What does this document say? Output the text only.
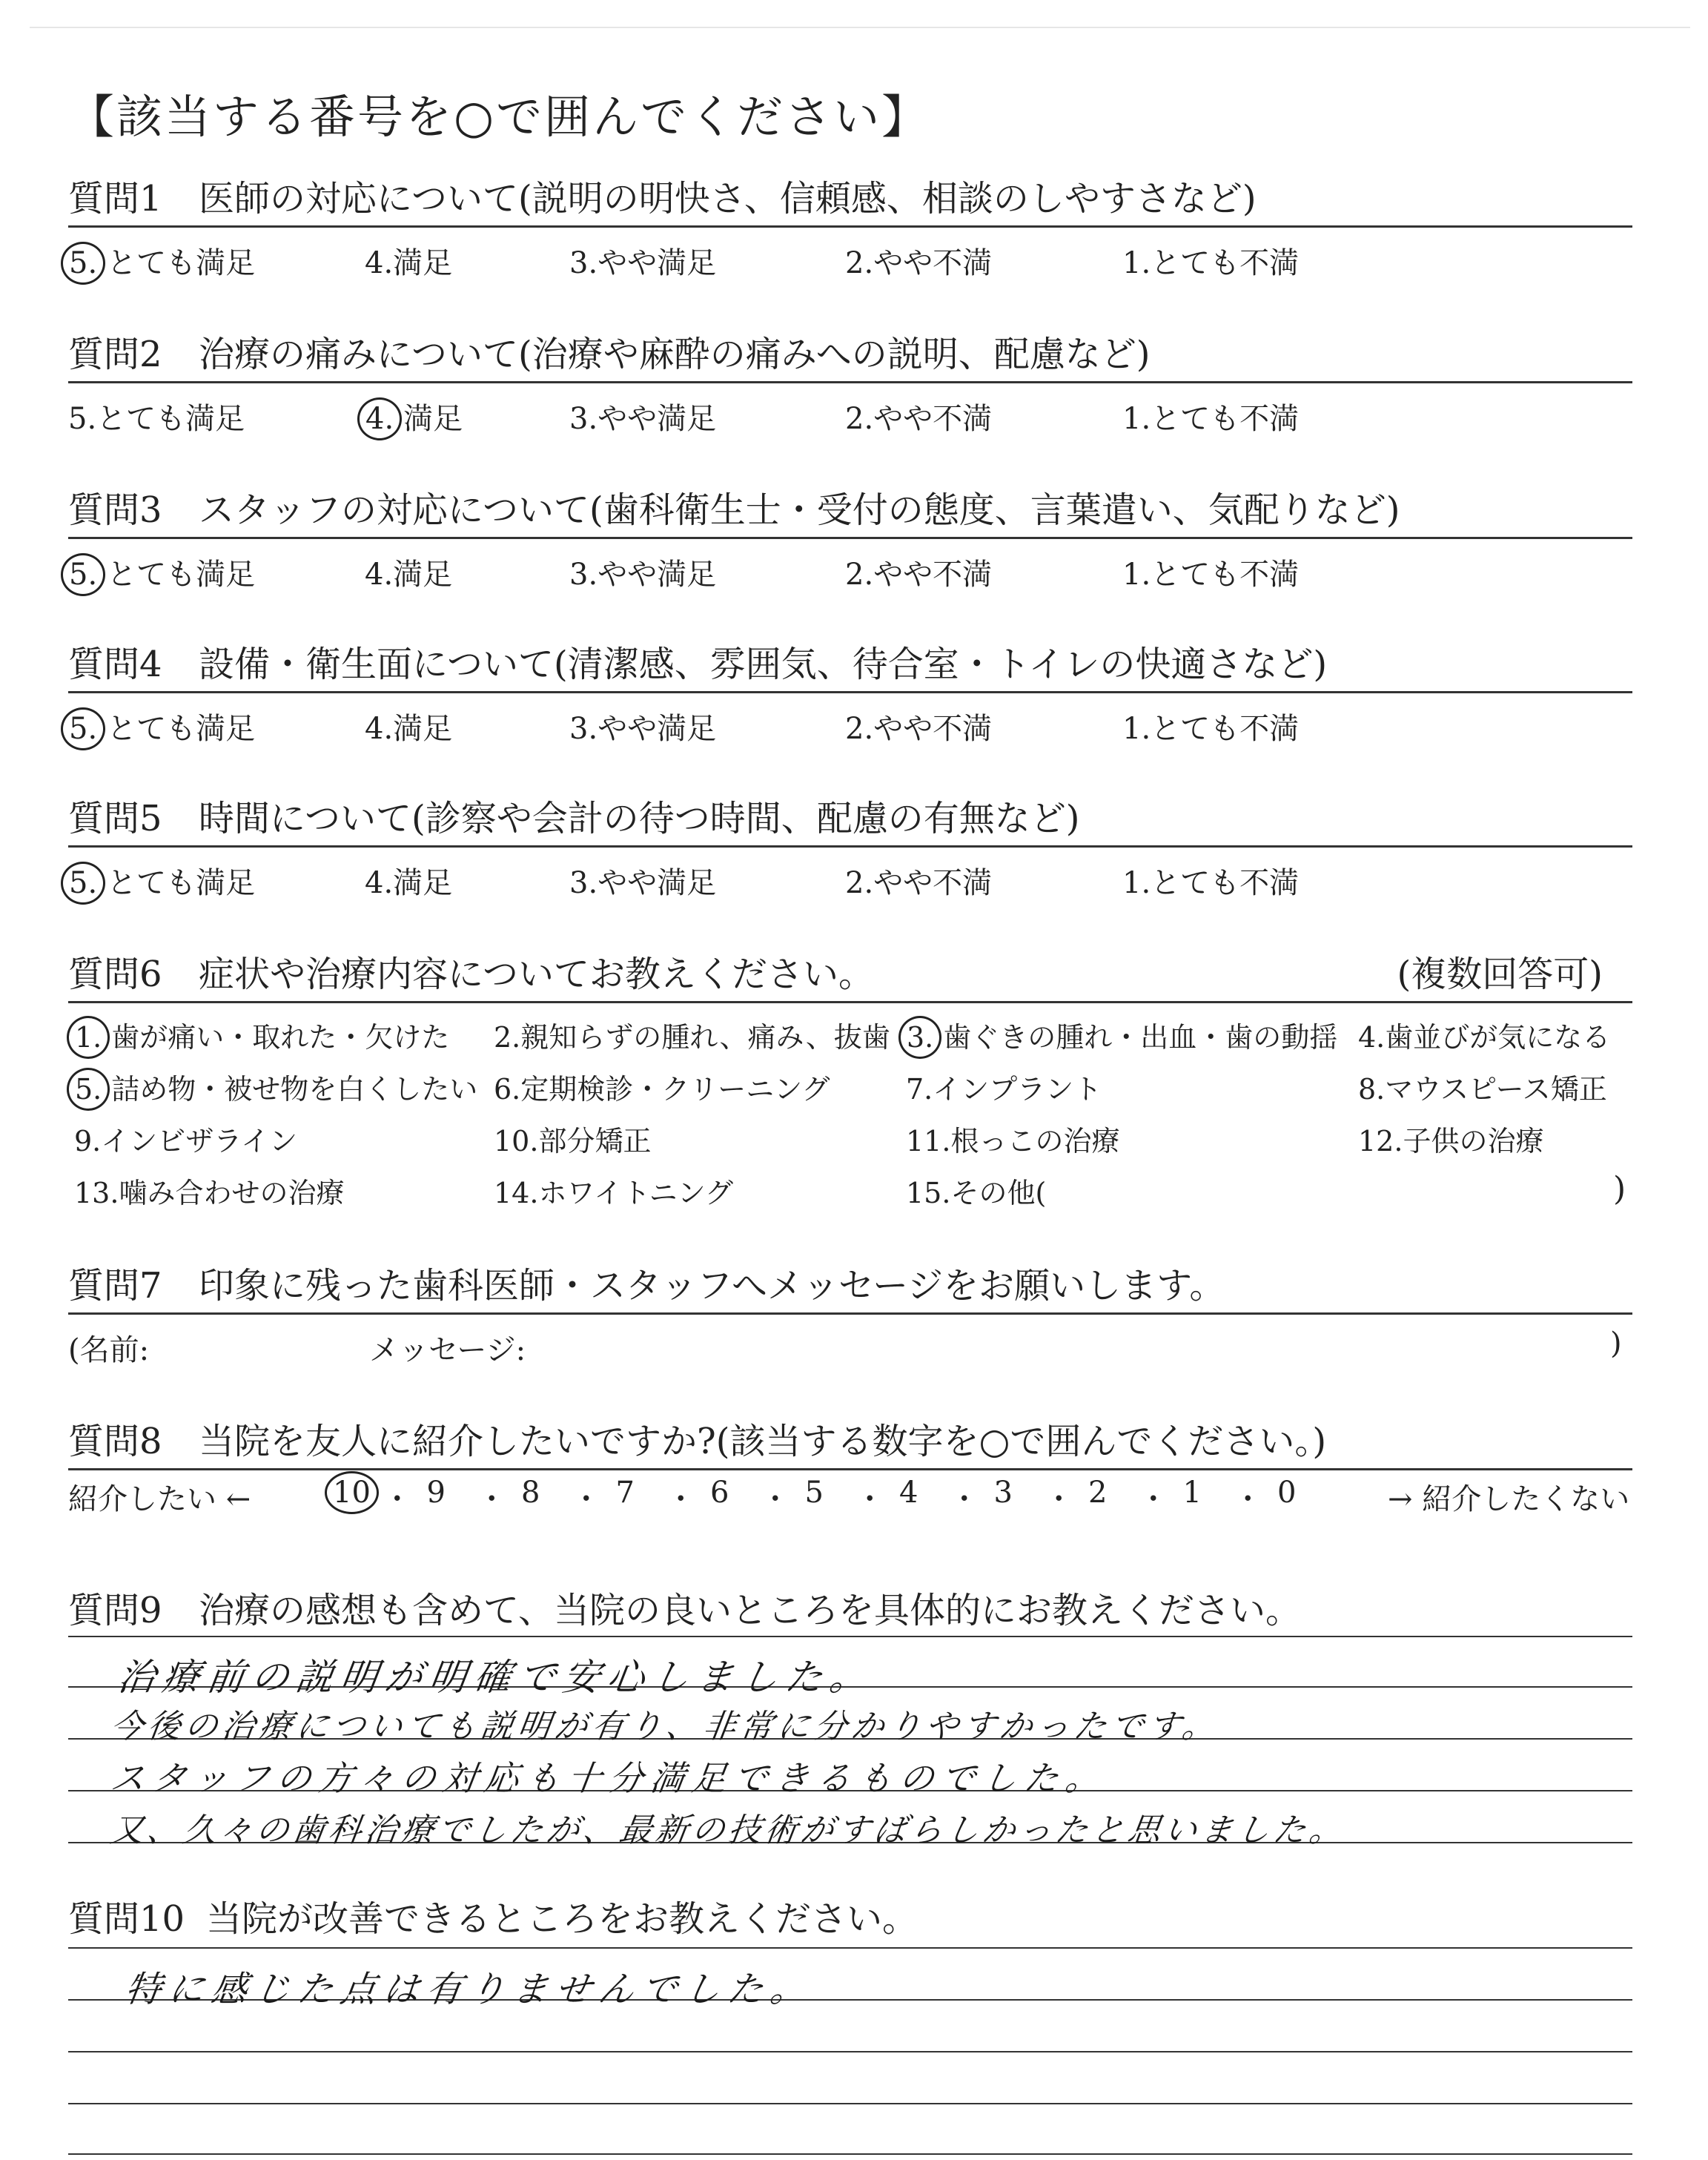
【該当する番号を○で囲んでください】
質問1 医師の対応について(説明の明快さ、信頼感、相談のしやすさなど)
5. とても満足	4.満足	3.やや満足	2.やや不満	1.とても不満
質問2 治療の痛みについて(治療や麻酔の痛みへの説明、配慮など)
5.とても満足	4. 満足	3.やや満足	2.やや不満	1.とても不満
質問3 スタッフの対応について(歯科衛生士・受付の態度、言葉遣い、気配りなど)
5. とても満足	4.満足	3.やや満足	2.やや不満	1.とても不満
質問4 設備・衛生面について(清潔感、雰囲気、待合室・トイレの快適さなど)
5. とても満足	4.満足	3.やや満足	2.やや不満	1.とても不満
質問5 時間について(診察や会計の待つ時間、配慮の有無など)
5. とても満足	4.満足	3.やや満足	2.やや不満	1.とても不満
質問6 症状や治療内容についてお教えください。	(複数回答可)
1. 歯が痛い・取れた・欠けた 2.親知らずの腫れ、痛み、抜歯 3. 歯ぐきの腫れ・出血・歯の動揺 4.歯並びが気になる
5. 詰め物・被せ物を白くしたい 6.定期検診・クリーニング	7.インプラント	8.マウスピース矯正
9.インビザライン	10.部分矯正	11.根っこの治療	12.子供の治療
13.噛み合わせの治療	14.ホワイトニング	15.その他(	)
質問7 印象に残った歯科医師・スタッフへメッセージをお願いします。
(名前:	メッセージ:	)
質問8 当院を友人に紹介したいですか?(該当する数字を○で囲んでください。)
紹介したい ←	→ 紹介したくない
10 ・ 9 ・ 8 ・ 7 ・ 6 ・ 5 ・ 4 ・ 3 ・ 2 ・ 1 ・ 0
質問9 治療の感想も含めて、当院の良いところを具体的にお教えください。
治療前の説明が明確で安心しました。
今後の治療についても説明が有り、非常に分かりやすかったです。
スタッフの方々の対応も十分満足できるものでした。
又、久々の歯科治療でしたが、最新の技術がすばらしかったと思いました。
質問10 当院が改善できるところをお教えください。
特に感じた点は有りませんでした。
